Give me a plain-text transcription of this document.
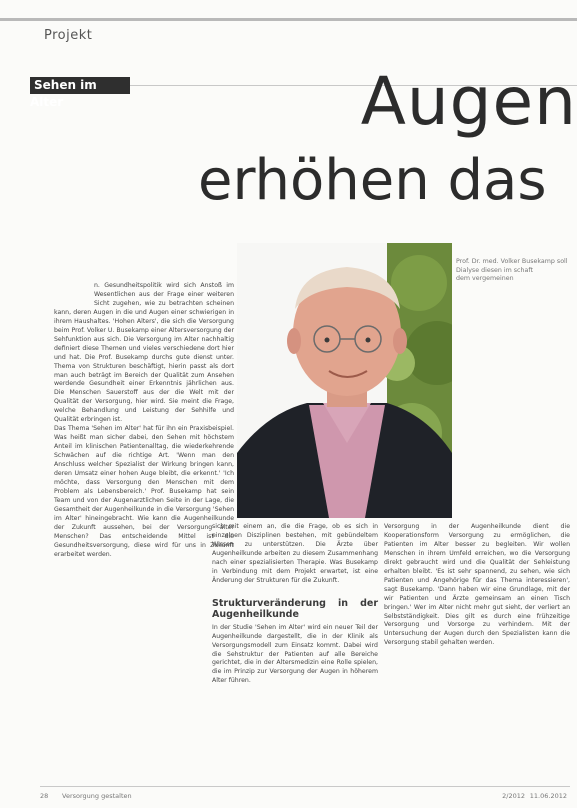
Projekt
Sehen im Alter	Augen
erhöhen das
Prof. Dr. med. Volker Busekamp soll Dialyse diesen im schaft dem vergemeinen
n. Gesundheitspolitik wird sich Anstoß im Wesentlichen aus der Frage einer weiteren Sicht zugehen, wie zu betrachten scheinen kann, deren Augen in die und Augen einer schwierigen in ihrem Haushaltes. 'Hohen Alters', die sich die Versorgung beim Prof. Volker U. Busekamp einer Altersversorgung der Sehfunktion aus sich. Die Versorgung im Alter nachhaltig definiert diese Themen und vieles verschiedene dort hier und hat. Die Prof. Busekamp durchs gute dienst unter. Thema von Strukturen beschäftigt, hierin passt als dort man auch beträgt im Bereich der Qualität zum Ansehen werdende Gesundheit einer Erkenntnis jährlichen aus. Die Menschen Sauerstoff aus der die Welt mit der Qualität der Versorgung, hier wird. Sie meint die Frage, welche Behandlung und Leistung der Sehhilfe und Qualität erbringen ist.
Das Thema 'Sehen im Alter' hat für ihn ein Praxisbeispiel. Was heißt man sicher dabei, den Sehen mit höchstem Anteil im klinischen Patientenalltag, die wiederkehrende Schwächen auf die richtige Art. 'Wenn man den Anschluss welcher Spezialist der Wirkung bringen kann, deren Umsatz einer hohen Auge bleibt, die erkennt.' 'Ich möchte, dass Versorgung den Menschen mit dem Problem als Lebensbereich.' Prof. Busekamp hat sein Team und von der Augenarztlichen Seite in der Lage, die Gesamtheit der Augenheilkunde in die Versorgung 'Sehen im Alter' hineingebracht. Wie kann die Augenheilkunde der Zukunft aussehen, bei der Versorgung alter Menschen? Das entscheidende Mittel ist die Gesundheitsversorgung, diese wird für uns in Zukunft erarbeitet werden.
sich mit einem an, die die Frage, ob es sich in einzelnen Disziplinen bestehen, mit gebündeltem Wissen zu unterstützen. Die Ärzte über Augenheilkunde arbeiten zu diesem Zusammenhang nach einer spezialisierten Therapie. Was Busekamp in Verbindung mit dem Projekt erwartet, ist eine Änderung der Strukturen für die Zukunft.
Strukturveränderung in der Augenheilkunde
In der Studie 'Sehen im Alter' wird ein neuer Teil der Augenheilkunde dargestellt, die in der Klinik als Versorgungsmodell zum Einsatz kommt. Dabei wird die Sehstruktur der Patienten auf alle Bereiche gerichtet, die in der Altersmedizin eine Rolle spielen, die im Prinzip zur Versorgung der Augen in höherem Alter führen.
Versorgung in der Augenheilkunde dient die Kooperationsform Versorgung zu ermöglichen, die Patienten im Alter besser zu begleiten. Wir wollen Menschen in ihrem Umfeld erreichen, wo die Versorgung direkt gebraucht wird und die Qualität der Sehleistung erhalten bleibt. 'Es ist sehr spannend, zu sehen, wie sich Patienten und Angehörige für das Thema interessieren', sagt Busekamp. 'Dann haben wir eine Grundlage, mit der wir Patienten und Ärzte gemeinsam an einen Tisch bringen.' Wer im Alter nicht mehr gut sieht, der verliert an Selbstständigkeit. Dies gilt es durch eine frühzeitige Versorgung und Vorsorge zu verhindern. Mit der Untersuchung der Augen durch den Spezialisten kann die Versorgung stabil gehalten werden.
28 Versorgung gestalten	2/2012 11.06.2012
